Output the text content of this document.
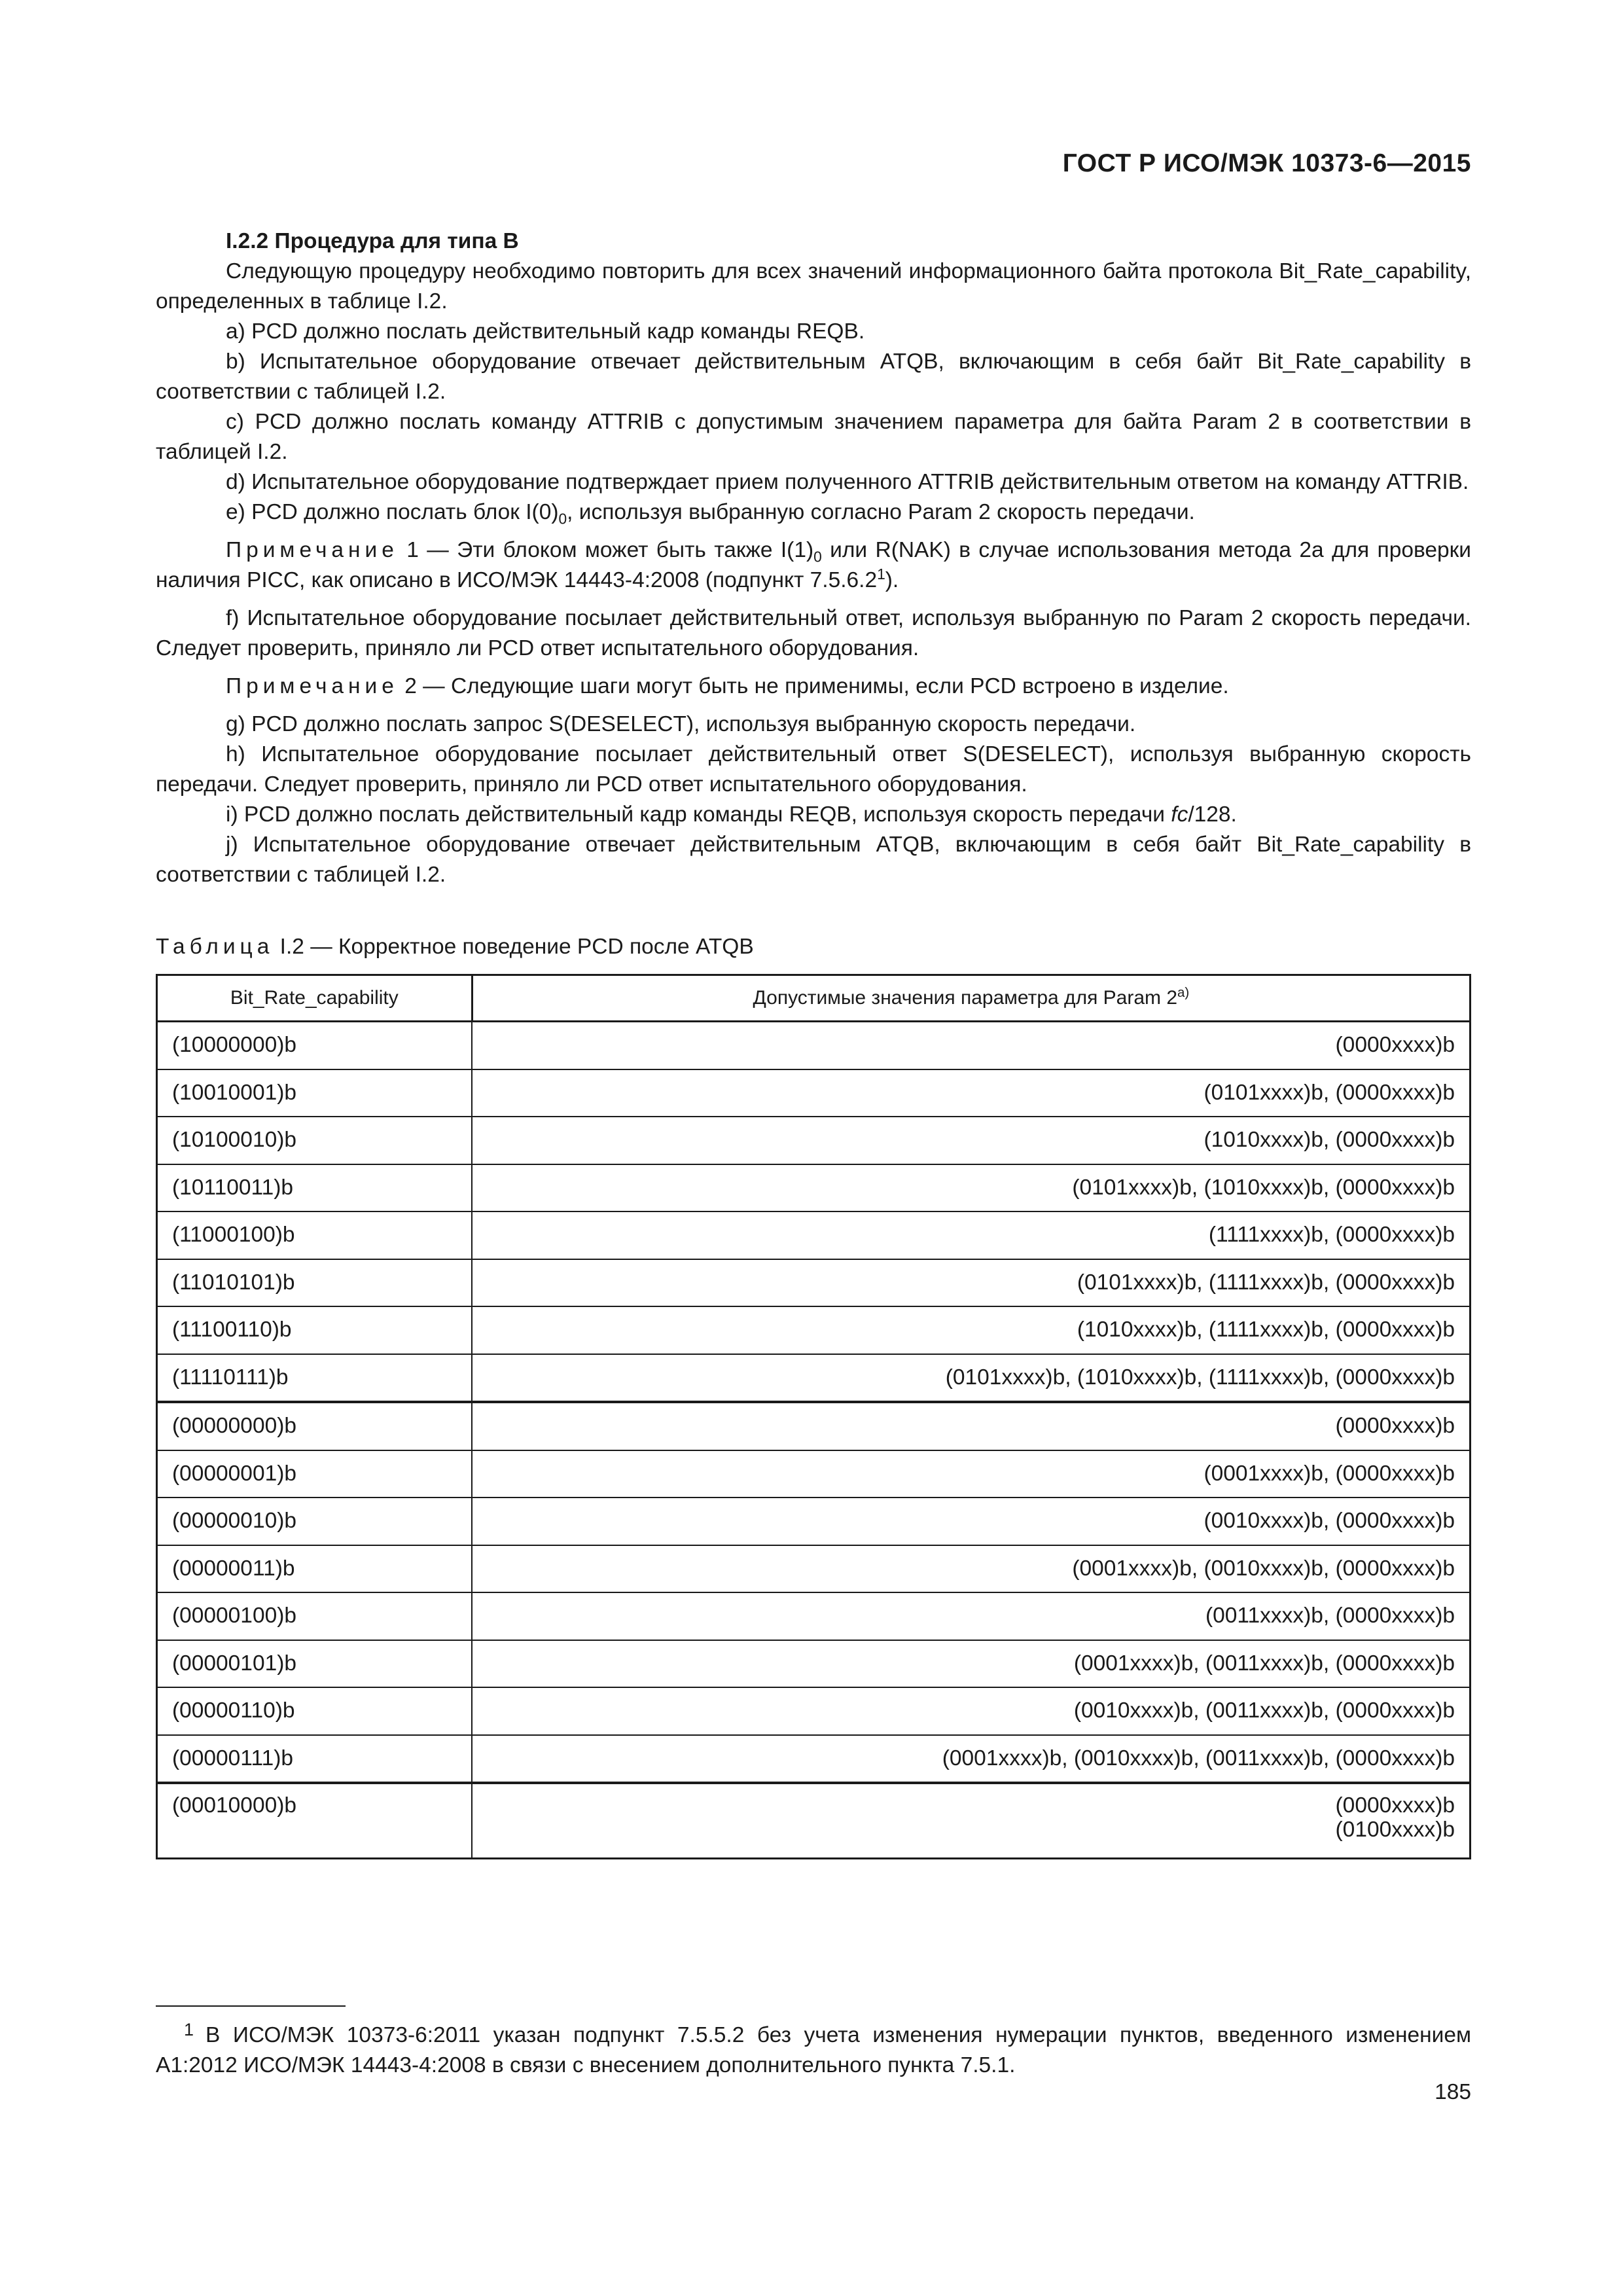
ГОСТ Р ИСО/МЭК 10373-6—2015

I.2.2 Процедура для типа В

Следующую процедуру необходимо повторить для всех значений информационного байта протокола Bit_Rate_capability, определенных в таблице I.2.

а) PCD должно послать действительный кадр команды REQB.

b) Испытательное оборудование отвечает действительным ATQB, включающим в себя байт Bit_Rate_capability в соответствии с таблицей I.2.

с) PCD должно послать команду ATTRIB с допустимым значением параметра для байта Param 2 в соответствии в таблицей I.2.

d) Испытательное оборудование подтверждает прием полученного ATTRIB действительным ответом на команду ATTRIB.

e) PCD должно послать блок $I(0)_0$, используя выбранную согласно Param 2 скорость передачи.

Примечание 1 — Эти блоком может быть также $I(1)_0$ или R(NAK) в случае использования метода 2а для проверки наличия PICC, как описано в ИСО/МЭК 14443-4:2008 (подпункт 7.5.6.2$^1$).

f) Испытательное оборудование посылает действительный ответ, используя выбранную по Param 2 скорость передачи. Следует проверить, приняло ли PCD ответ испытательного оборудования.

Примечание 2 — Следующие шаги могут быть не применимы, если PCD встроено в изделие.

g) PCD должно послать запрос S(DESELECT), используя выбранную скорость передачи.

h) Испытательное оборудование посылает действительный ответ S(DESELECT), используя выбранную скорость передачи. Следует проверить, приняло ли PCD ответ испытательного оборудования.

i) PCD должно послать действительный кадр команды REQB, используя скорость передачи fc/128.

j) Испытательное оборудование отвечает действительным ATQB, включающим в себя байт Bit_Rate_capability в соответствии с таблицей I.2.

Таблица I.2 — Корректное поведение PCD после ATQB

Bit_Rate_capability	Допустимые значения параметра для Param 2$^{a)}$
(10000000)b	(0000xxxx)b
(10010001)b	(0101xxxx)b, (0000xxxx)b
(10100010)b	(1010xxxx)b, (0000xxxx)b
(10110011)b	(0101xxxx)b, (1010xxxx)b, (0000xxxx)b
(11000100)b	(1111xxxx)b, (0000xxxx)b
(11010101)b	(0101xxxx)b, (1111xxxx)b, (0000xxxx)b
(11100110)b	(1010xxxx)b, (1111xxxx)b, (0000xxxx)b
(11110111)b	(0101xxxx)b, (1010xxxx)b, (1111xxxx)b, (0000xxxx)b
(00000000)b	(0000xxxx)b
(00000001)b	(0001xxxx)b, (0000xxxx)b
(00000010)b	(0010xxxx)b, (0000xxxx)b
(00000011)b	(0001xxxx)b, (0010xxxx)b, (0000xxxx)b
(00000100)b	(0011xxxx)b, (0000xxxx)b
(00000101)b	(0001xxxx)b, (0011xxxx)b, (0000xxxx)b
(00000110)b	(0010xxxx)b, (0011xxxx)b, (0000xxxx)b
(00000111)b	(0001xxxx)b, (0010xxxx)b, (0011xxxx)b, (0000xxxx)b
(00010000)b	(0000xxxx)b
(0100xxxx)b
1 В ИСО/МЭК 10373-6:2011 указан подпункт 7.5.5.2 без учета изменения нумерации пунктов, введенного изменением А1:2012 ИСО/МЭК 14443-4:2008 в связи с внесением дополнительного пункта 7.5.1.
185
